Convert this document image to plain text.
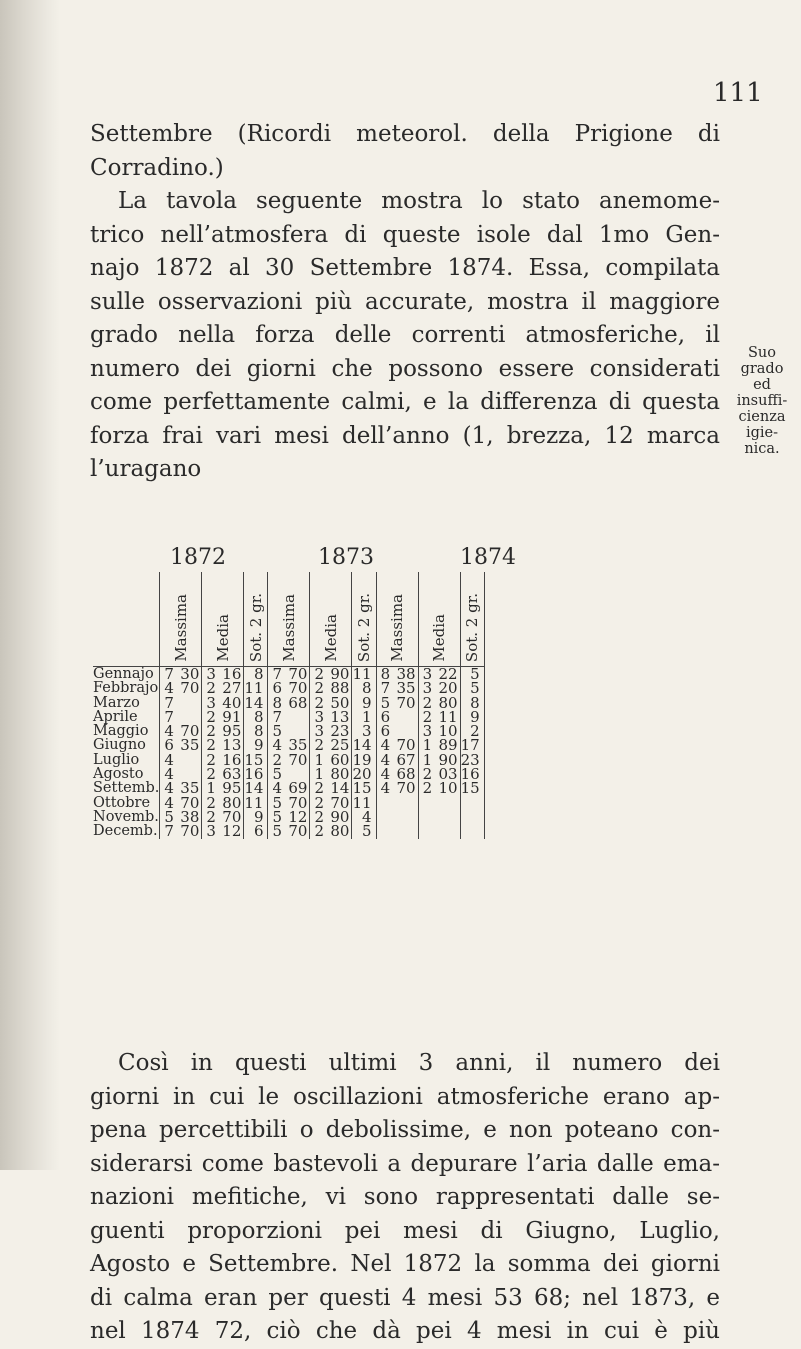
111
Settembre (Ricordi meteorol. della Prigione di
Corradino.)
La tavola seguente mostra lo stato anemome-
trico nell’atmosfera di queste isole dal 1mo Gen-
najo 1872 al 30 Settembre 1874. Essa, compilata
sulle osservazioni più accurate, mostra il maggiore
grado nella forza delle correnti atmosferiche, il
numero dei giorni che possono essere considerati
come perfettamente calmi, e la differenza di questa
forza frai vari mesi dell’anno (1, brezza, 12 marca
l’uragano
Suo grado
ed insuffi-
cienza igie-
nica.
1872	1873	1874
	Massima		Media		Sot. 2 gr.	Massima		Media		Sot. 2 gr.	Massima		Media		Sot. 2 gr.
Gennajo	7	30	3	16	8	7	70	2	90	11	8	38	3	22	5
Febbrajo	4	70	2	27	11	6	70	2	88	8	7	35	3	20	5
Marzo	7		3	40	14	8	68	2	50	9	5	70	2	80	8
Aprile	7		2	91	8	7		3	13	1	6		2	11	9
Maggio	4	70	2	95	8	5		3	23	3	6		3	10	2
Giugno	6	35	2	13	9	4	35	2	25	14	4	70	1	89	17
Luglio	4		2	16	15	2	70	1	60	19	4	67	1	90	23
Agosto	4		2	63	16	5		1	80	20	4	68	2	03	16
Settemb.	4	35	1	95	14	4	69	2	14	15	4	70	2	10	15
Ottobre	4	70	2	80	11	5	70	2	70	11					
Novemb.	5	38	2	70	9	5	12	2	90	4					
Decemb.	7	70	3	12	6	5	70	2	80	5					
Così in questi ultimi 3 anni, il numero dei
giorni in cui le oscillazioni atmosferiche erano ap-
pena percettibili o debolissime, e non poteano con-
siderarsi come bastevoli a depurare l’aria dalle ema-
nazioni mefitiche, vi sono rappresentati dalle se-
guenti proporzioni pei mesi di Giugno, Luglio,
Agosto e Settembre. Nel 1872 la somma dei giorni
di calma eran per questi 4 mesi 53 68; nel 1873, e
nel 1874 72, ciò che dà pei 4 mesi in cui è più
